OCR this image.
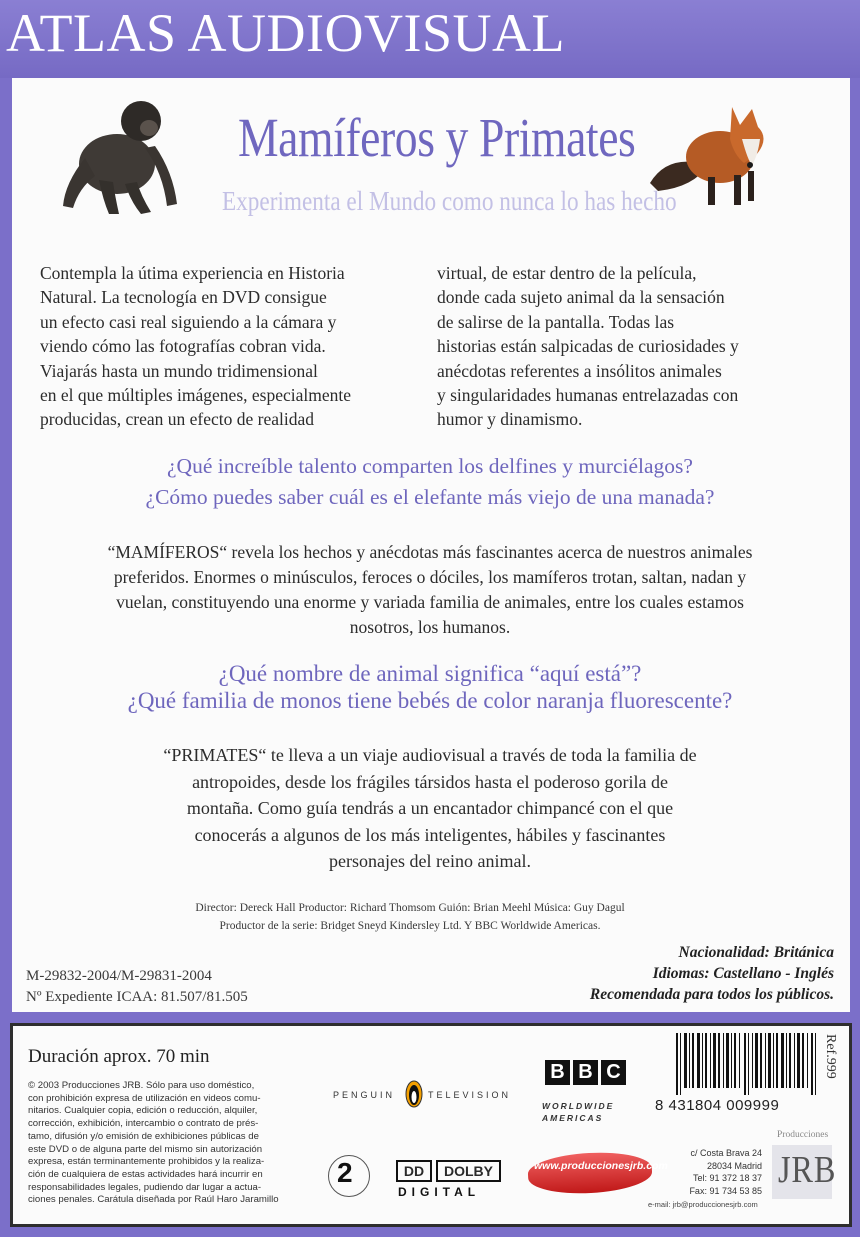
ATLAS AUDIOVISUAL
Mamíferos y Primates
Experimenta el Mundo como nunca lo has hecho

Contempla la útima experiencia en Historia

Natural. La tecnología en DVD consigue

un efecto casi real siguiendo a la cámara y

viendo cómo las fotografías cobran vida.

Viajarás hasta un mundo tridimensional

en el que múltiples imágenes, especialmente

producidas, crean un efecto de realidad

virtual, de estar dentro de la película,

donde cada sujeto animal da la sensación

de salirse de la pantalla. Todas las

historias están salpicadas de curiosidades y

anécdotas referentes a insólitos animales

y singularidades humanas entrelazadas con

humor y dinamismo.

¿Qué increíble talento comparten los delfines y murciélagos?
¿Cómo puedes saber cuál es el elefante más viejo de una manada?
“MAMÍFEROS“ revela los hechos y anécdotas más fascinantes acerca de nuestros animales
preferidos. Enormes o minúsculos, feroces o dóciles, los mamíferos trotan, saltan, nadan y
vuelan, constituyendo una enorme y variada familia de animales, entre los cuales estamos
nosotros, los humanos.
¿Qué nombre de animal significa “aquí está”?
¿Qué familia de monos tiene bebés de color naranja fluorescente?
“PRIMATES“ te lleva a un viaje audiovisual a través de toda la familia de
antropoides, desde los frágiles társidos hasta el poderoso gorila de
montaña. Como guía tendrás a un encantador chimpancé con el que
conocerás a algunos de los más inteligentes, hábiles y fascinantes
personajes del reino animal.
Director: Dereck Hall Productor: Richard Thomsom Guión: Brian Meehl Música: Guy Dagul
Productor de la serie: Bridget Sneyd Kindersley Ltd. Y BBC Worldwide Americas.
M-29832-2004/M-29831-2004
Nº Expediente ICAA: 81.507/81.505
Nacionalidad: Británica
Idiomas: Castellano - Inglés
Recomendada para todos los públicos.
Duración aprox. 70 min
© 2003 Producciones JRB. Sólo para uso doméstico,
con prohibición expresa de utilización en videos comu-
nitarios. Cualquier copia, edición o reducción, alquiler,
corrección, exhibición, intercambio o contrato de prés-
tamo, difusión y/o emisión de exhibiciones públicas de
este DVD o de alguna parte del mismo sin autorización
expresa, están terminantemente prohibidos y la realiza-
ción de cualquiera de estas actividades hará incurrir en
responsabilidades legales, pudiendo dar lugar a actua-
ciones penales. Carátula diseñada por Raúl Haro Jaramillo
PENGUIN	TELEVISION
B B C
WORLDWIDE
AMERICAS
8 431804 009999
Ref.999
2	DD DOLBY
DIGITAL
www.produccionesjrb.com
c/ Costa Brava 24
28034 Madrid
Tel: 91 372 18 37
Fax: 91 734 53 85
e-mail: jrb@produccionesjrb.com
Producciones
JRB
